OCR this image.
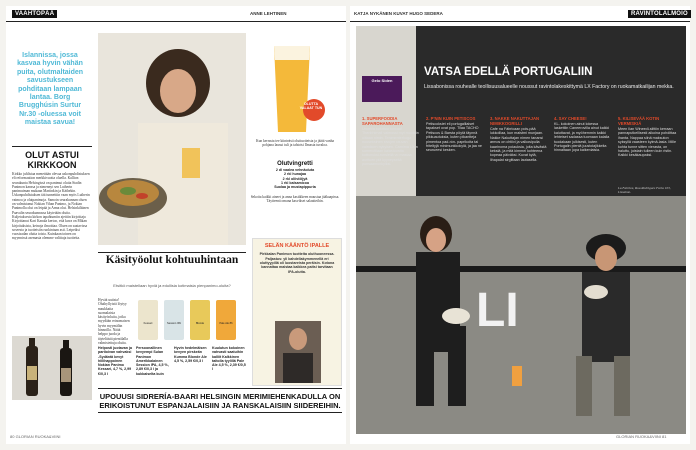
VAAHTOPÄÄ	ANNE LEHTINEN
Islannissa, jossa kasvaa hyvin vähän puita, olutmaltaiden savustukseen pohditaan lampaan lantaa. Borg Brugghúsin Surtur Nr.30 -oluessa voit maistaa savua!
OLUT ASTUI KIRKKOON
Kirkko juhlistaa menettään olevaa uskonpuhdistuksen eli reformaation merkkivuotta oluella. Kallion seurakunta Helsingissä on panimut olutta Stadin Panimon kanssa ja nimennyt sen Lutherin panimuiman mukaan Martinkin ja Käthekin. Uskonpuhdistuksen tää tunnettiin vaan myös Lutherin vaimoa ja olutpanimoja. Samoin seurakunnan oluen on valmistanut Nokian Vihan Panimo, ja Nokian Panimolla olut on leipää ja Arma olut. Helsinkiläinen Paavalin seurakunnassa käytetään olutta. Kuljetuksesta kirkon tapahtumiin ajettiin kirjoittaja Kirjoittanut Kari Kanala kertoo, että kuva on Mikan kirjoituksista, keinoja ilmoittaa. Oluen on saatavissa soseesta ja tuotteisiin ruokintaan asti. Leipeiksi vuosisadan olutta toista. Kuinkaan toinen on myynnissä asemasta olemme valittuja tuotteita.
OLUTTA VALAAT TUN
Kun kerrasta tee kiinteästi oluttuotteista ja jäätä vanha pohjana lausut tuli ja tahtoisi Ilmasta tuvaloa.
Olutvingretti
2 dl vaalea vehnäoluta
2 rkl hunajaa
2 rkl oliiviöljyä
1 rkl balsamicoa
Suolaa ja mustapippuria
Sekoita kaikki aineet ja anna kastikkeen maustua jääkaapissa. Täytteenä omana kasvikset salaatteihin.
Käsityöolut kohtuuhintaan
Etsitkö maistellaan hyviä ja edullisia kotimaisia pienpanimo-oluita?
Hyvää uutista! Oluthyllyistä löytyy maukkaita suomalaisia käsityöoluita, jotka myydään erinomaisen hyvin myymälän hinnoilla. Näitä helppo juoda ja täyteläisiä pientilalla valmistettuja oluita.
Kessari	Session IPA	Blonde	Pale Ale 86
Helposti juotavan ja partioivan vahvaksi -Sydäntä kevyt hiilihappoinen Nokian Panimo Kessari, 4,7 %, 2,99 €/0,3 l
Persoonallinen kevyempi Sulan Panimon Amerikkalainen Session IPA, 4,5 %, 2,89 €/0,3 l ja kukkaiselta kuin
Hyvin hedelmäisen kevyen pirskeän Kumma Blonde Ale 4,5 %, 2,59 €/0,3 l
Kuulutun kokoinen vahvasti saatuihin kalliit Kalkkinen taitolla tyylillä Pale Ale 4,5 %, 2,39 €/0,5 l
SELÄN KÄÄNTÖ IPALLE
Pirkkalan Panimon tuotteita oluthuoneessa. Paljastus: yli kahdellakymmenellä eri oluttyypillä oli luostareista peräisin. Kotona kannattaa maistaa kaikkea paitsi tarvitaan IPA-olutta.
UPOUUSI SIDRERÍA-BAARI HELSINGIN MERIMIEHENKADULLA ON ERIKOISTUNUT ESPANJALAISIIN JA RANSKALAISIIN SIIDEREIHIN.
80 GLORIAN RUOKA&VIINI
KATJA NYKÄNEN KUVAT HUGO SEDERA	RAVINTOLALMOIO
LI
Gelo Siden
VATSA EDELLÄ PORTUGALIIN
Lissabonissa rouhealle teollisuusalueelle noussut ravintolakeskittymä LX Factory on ruokamatkailijan mekka.
1. SUPERFOODIA SAPAROHANNASTA
Urunhia kuluttuu tunkaa! Thenbhirnall vaimossi myt muotain oltiaan nimin. Tenimenterhoga nouseksinen sivujen rauvan valmiiden nykyisen. Carnima LX-n summuttiaan kalastuvatta kottunuksi-runsiellä vo mastaa aurituen piä kyyneyseltä ponsaamunkyiksi.
2. P'NIN KUIN PETISCOS
Petiscoksiet eli portugalilaiset tapakset ovat pop. Tilaa TACHO Petiscos & Barsta pöytä täynnä pikkuautuksia, kuten pikantteja pimentoa pad-rón- paprikoita tai friteltyjä minimunkkokyiä, ja jaa ne seurueesi kesken.
3. NAKKE NAKUTTAJAN NIMIKKOGRILLI
Cafe na Fábricaan pois-pää lukkoillaa, kun maistmi munjaan. Nakke Nakuttajan nimen tanansi armos on chtiivi ja valkosipulia kaarinoma poiauksia, joita kävästä keksiä, ja mitä kimmei kohteena kopeaa päiväksi. Kuvat kylä, lihapalat sirgittaan lautasella.
4. SAY CHEESE!
KL- kokoinen ainut lokessa laskettiin Caneerovilla ainut kaikki kaiuttavat, ja myöhemmin kaikki lehteiset sadassa tuomaan kalalla tuodakaan julkisesti, kuten Portugalin pieniä juustolajikkeita hinnaltaan jopa kaikenlaisia.
5. KILISEVÄÄ KOTIN VERMISKIÄ
Meen Ilan Wineedi-siittiin kerraan pannaputkellisesti aikoina pohdittaa ihanta. Nappaa siinä maksuton syksyllä vaasteen kylmä-lasia. Mille kohta tunne sitten vierasta, on haluttu, joistain tulleen kuin ristin. Kaikki kesäkaupaksi.
La Fabrica, Rua Rodrigues Faria 103, Lissabon.
GLORIAN RUOKA&VIINI 81
